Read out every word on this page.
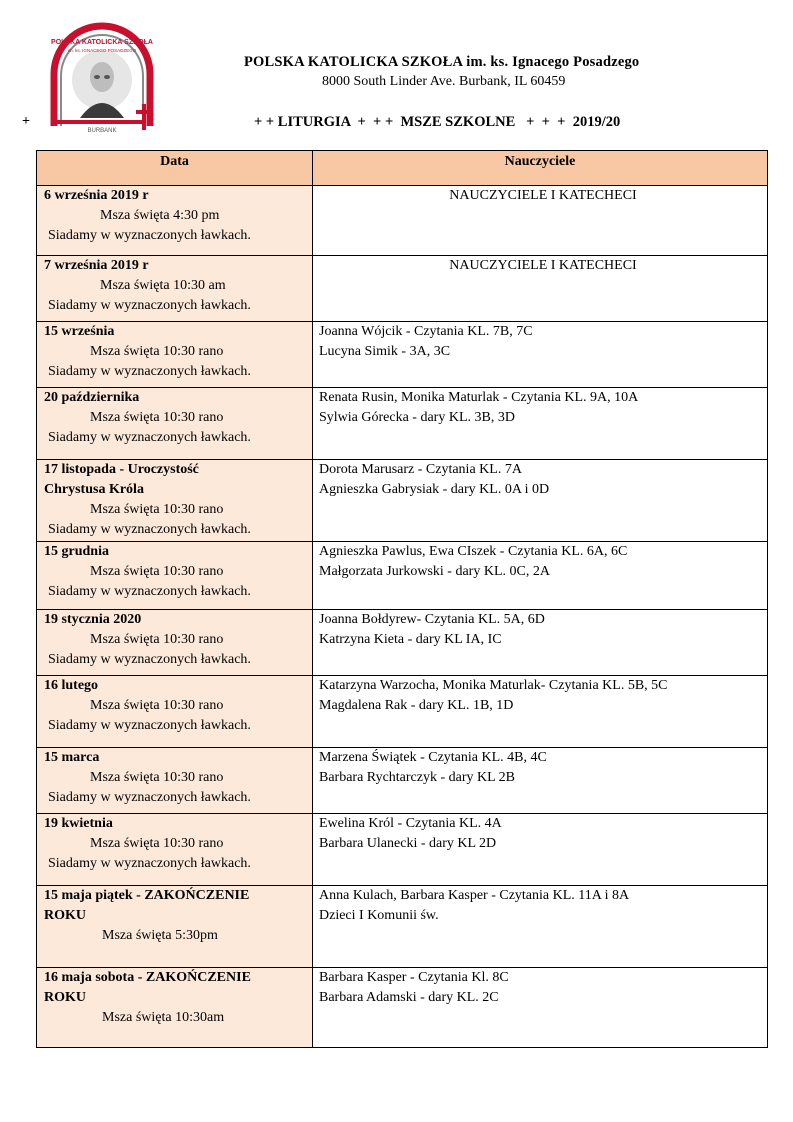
BURBANK
POLSKA KATOLICKA SZKOŁA
im. ks. IGNACEGO POSADZEGO
POLSKA KATOLICKA SZKOŁA im. ks. Ignacego Posadzego
8000 South Linder Ave. Burbank, IL 60459
+	+ + LITURGIA  +  + +  MSZE SZKOLNE   +  +  +  2019/20
Data	Nauczyciele

6 września 2019 r
Msza święta 4:30 pm
Siadamy w wyznaczonych ławkach.	NAUCZYCIELE I KATECHECI

7 września 2019 r
Msza święta 10:30 am
Siadamy w wyznaczonych ławkach.	NAUCZYCIELE I KATECHECI

15 września
Msza święta 10:30 rano
Siadamy w wyznaczonych ławkach.	Joanna Wójcik - Czytania KL. 7B, 7C
Lucyna Simik - 3A, 3C

20 października
Msza święta 10:30 rano
Siadamy w wyznaczonych ławkach.	Renata Rusin, Monika Maturlak - Czytania KL. 9A, 10A
Sylwia Górecka - dary KL. 3B, 3D

17 listopada - Uroczystość
Chrystusa Króla
Msza święta 10:30 rano
Siadamy w wyznaczonych ławkach.	Dorota Marusarz - Czytania KL. 7A
Agnieszka Gabrysiak - dary KL. 0A i 0D

15 grudnia
Msza święta 10:30 rano
Siadamy w wyznaczonych ławkach.	Agnieszka Pawlus, Ewa CIszek - Czytania KL. 6A, 6C
Małgorzata Jurkowski - dary KL. 0C, 2A

19 stycznia 2020
Msza święta 10:30 rano
Siadamy w wyznaczonych ławkach.	Joanna Bołdyrew- Czytania KL. 5A, 6D
Katrzyna Kieta - dary KL IA, IC

16 lutego
Msza święta 10:30 rano
Siadamy w wyznaczonych ławkach.	Katarzyna Warzocha, Monika Maturlak- Czytania KL. 5B, 5C
Magdalena Rak - dary KL. 1B, 1D

15 marca
Msza święta 10:30 rano
Siadamy w wyznaczonych ławkach.	Marzena Świątek - Czytania KL. 4B, 4C
Barbara Rychtarczyk - dary KL 2B

19 kwietnia
Msza święta 10:30 rano
Siadamy w wyznaczonych ławkach.	Ewelina Król - Czytania KL. 4A
Barbara Ulanecki - dary KL 2D

15 maja piątek - ZAKOŃCZENIE
ROKU
Msza święta 5:30pm	Anna Kulach, Barbara Kasper - Czytania KL. 11A i 8A
Dzieci I Komunii św.

16 maja sobota - ZAKOŃCZENIE
ROKU
Msza święta 10:30am	Barbara Kasper - Czytania Kl. 8C
Barbara Adamski - dary KL. 2C
